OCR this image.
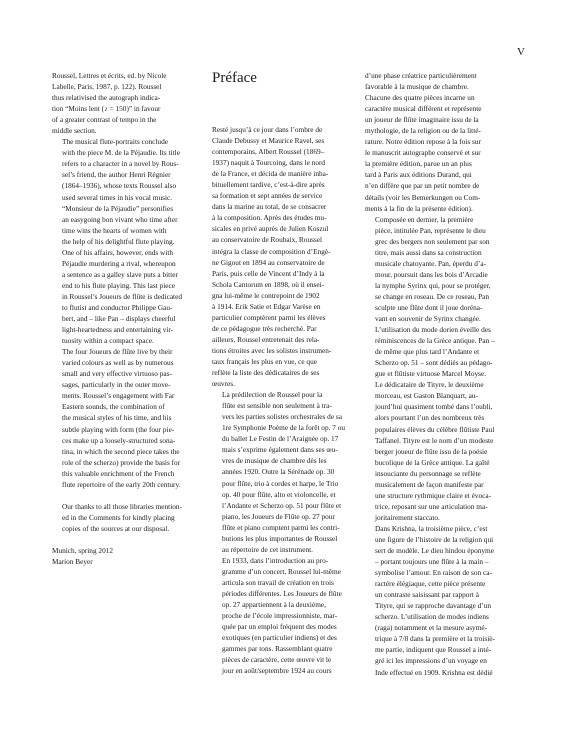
V

Roussel, Lettres et écrits, ed. by Nicole
Labelle, Paris, 1987, p. 122). Roussel
thus relativised the autograph indica-
tion “Moins lent (♪ = 150)” in favour
of a greater contrast of tempo in the
middle section.

The musical flute-portraits conclude
with the piece M. de la Péjaudie. Its title
refers to a character in a novel by Rous-
sel’s friend, the author Henri Régnier
(1864–1936), whose texts Roussel also
used several times in his vocal music.
“Monsieur de la Péjaudie” personifies
an easygoing bon vivant who time after
time wins the hearts of women with
the help of his delightful flute playing.
One of his affairs, however, ends with
Péjaudie murdering a rival, whereupon
a sentence as a galley slave puts a bitter
end to his flute playing. This last piece
in Roussel’s Joueurs de flûte is dedicated
to flutist and conductor Philippe Gau-
bert, and – like Pan – displays cheerful
light-heartedness and entertaining vir-
tuosity within a compact space.

The four Joueurs de flûte live by their
varied colours as well as by numerous
small and very effective virtuoso pas-
sages, particularly in the outer move-
ments. Roussel’s engagement with Far
Eastern sounds, the combination of
the musical styles of his time, and his
subtle playing with form (the four pie-
ces make up a loosely-structured sona-
tina, in which the second piece takes the
role of the scherzo) provide the basis for
this valuable enrichment of the French
flute repertoire of the early 20th century.

Our thanks to all those libraries mention-
ed in the Comments for kindly placing
copies of the sources at our disposal.

Munich, spring 2012
Marion Beyer

Préface

Resté jusqu’à ce jour dans l’ombre de
Claude Debussy et Maurice Ravel, ses
contemporains, Albert Roussel (1869–
1937) naquit à Tourcoing, dans le nord
de la France, et décida de manière inha-
bituellement tardive, c’est-à-dire après
sa formation et sept années de service
dans la marine au total, de se consacrer
à la composition. Après des études mu-
sicales en privé auprès de Julien Koszul
au conservatoire de Roubaix, Roussel
intégra la classe de composition d’Engè-
ne Gigout en 1894 au conservatoire de
Paris, puis celle de Vincent d’Indy à la
Schola Cantorum en 1898, où il ensei-
gna lui-même le contrepoint de 1902
à 1914. Erik Satie et Edgar Varèse en
particulier comptèrent parmi les élèves
de ce pédagogue très recherché. Par
ailleurs, Roussel entretenait des rela-
tions étroites avec les solistes instrumen-
taux français les plus en vue, ce que
reflète la liste des dédicataires de ses
œuvres.

La prédilection de Roussel pour la
flûte est sensible non seulement à tra-
vers les parties solistes orchestrales de sa
1re Symphonie Poème de la forêt op. 7 ou
du ballet Le Festin de l’Araignée op. 17
mais s’exprime également dans ses œu-
vres de musique de chambre dès les
années 1920. Outre la Sérénade op. 30
pour flûte, trio à cordes et harpe, le Trio
op. 40 pour flûte, alto et violoncelle, et
l’Andante et Scherzo op. 51 pour flûte et
piano, les Joueurs de Flûte op. 27 pour
flûte et piano comptent parmi les contri-
butions les plus importantes de Roussel
au répertoire de cet instrument.

En 1933, dans l’introduction au pro-
gramme d’un concert, Roussel lui-même
articula son travail de création en trois
périodes différentes. Les Joueurs de flûte
op. 27 appartiennent à la deuxième,
proche de l’école impressionniste, mar-
quée par un emploi fréquent des modes
exotiques (en particulier indiens) et des
gammes par tons. Rassemblant quatre
pièces de caractère, cette œuvre vit le
jour en août/septembre 1924 au cours

d’une phase créatrice particulièrement
favorable à la musique de chambre.
Chacune des quatre pièces incarne un
caractère musical différent et représente
un joueur de flûte imaginaire issu de la
mythologie, de la religion ou de la litté-
rature. Notre édition repose à la fois sur
le manuscrit autographe conservé et sur
la première édition, parue un an plus
tard à Paris aux éditions Durand, qui
n’en diffère que par un petit nombre de
détails (voir les Bemerkungen ou Com-
ments à la fin de la présente édition).

Composée en dernier, la première
pièce, intitulée Pan, représente le dieu
grec des bergers non seulement par son
titre, mais aussi dans sa construction
musicale chatoyante. Pan, éperdu d’a-
mour, poursuit dans les bois d’Arcadie
la nymphe Syrinx qui, pour se protéger,
se change en roseau. De ce roseau, Pan
sculpte une flûte dont il joue doréna-
vant en souvenir de Syrinx changée.
L’utilisation du mode dorien éveille des
réminiscences de la Grèce antique. Pan –
de même que plus tard l’Andante et
Scherzo op. 51 – sont dédiés au pédago-
gue et flûtiste virtuose Marcel Moyse.

Le dédicataire de Tityre, le deuxième
morceau, est Gaston Blanquart, au-
jourd’hui quasiment tombé dans l’oubli,
alors pourtant l’un des nombreux très
populaires élèves du célèbre flûtiste Paul
Taffanel. Tityre est le nom d’un modeste
berger joueur de flûte issu de la poésie
bucolique de la Grèce antique. La gaîté
insouciante du personnage se reflète
musicalement de façon manifeste par
une structure rythmique claire et évoca-
trice, reposant sur une articulation ma-
joritairement staccato.

Dans Krishna, la troisième pièce, c’est
une figure de l’histoire de la religion qui
sert de modèle. Le dieu hindou éponyme
– portant toujours une flûte à la main –
symbolise l’amour. En raison de son ca-
ractère élégiaque, cette pièce présente
un contraste saisissant par rapport à
Tityre, qui se rapproche davantage d’un
scherzo. L’utilisation de modes indiens
(raga) notamment et la mesure asymé-
trique à 7/8 dans la première et la troisiè-
me partie, indiquent que Roussel a inté-
gré ici les impressions d’un voyage en
Inde effectué en 1909. Krishna est dédié
